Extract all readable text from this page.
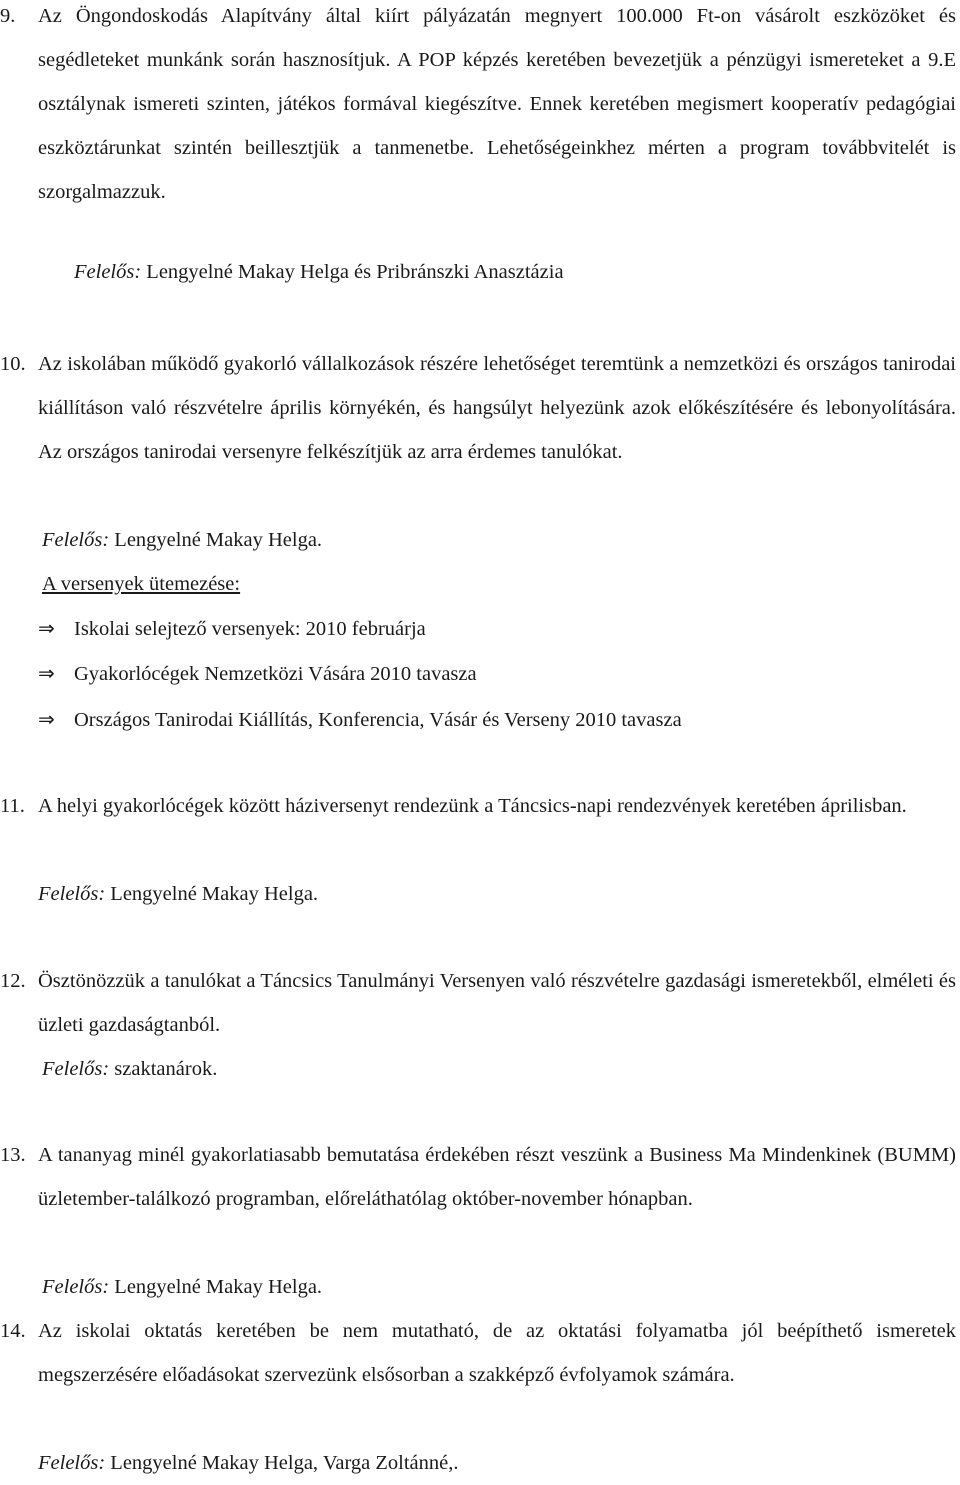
9. Az Öngondoskodás Alapítvány által kiírt pályázatán megnyert 100.000 Ft-on vásárolt eszközöket és segédleteket munkánk során hasznosítjuk. A POP képzés keretében bevezetjük a pénzügyi ismereteket a 9.E osztálynak ismereti szinten, játékos formával kiegészítve. Ennek keretében megismert kooperatív pedagógiai eszköztárunkat szintén beillesztjük a tanmenetbe. Lehetőségeinkhez mérten a program továbbvitelét is szorgalmazzuk.

Felelős: Lengyelné Makay Helga és Pribránszki Anasztázia

10. Az iskolában működő gyakorló vállalkozások részére lehetőséget teremtünk a nemzetközi és országos tanirodai kiállításon való részvételre április környékén, és hangsúlyt helyezünk azok előkészítésére és lebonyolítására. Az országos tanirodai versenyre felkészítjük az arra érdemes tanulókat.

Felelős: Lengyelné Makay Helga.

A versenyek ütemezése:

⇒ Iskolai selejtező versenyek: 2010 februárja

⇒ Gyakorlócégek Nemzetközi Vására 2010 tavasza

⇒ Országos Tanirodai Kiállítás, Konferencia, Vásár és Verseny 2010 tavasza

11. A helyi gyakorlócégek között háziversenyt rendezünk a Táncsics-napi rendezvények keretében áprilisban.

Felelős: Lengyelné Makay Helga.

12. Ösztönözzük a tanulókat a Táncsics Tanulmányi Versenyen való részvételre gazdasági ismeretekből, elméleti és üzleti gazdaságtanból.

Felelős: szaktanárok.

13. A tananyag minél gyakorlatiasabb bemutatása érdekében részt veszünk a Business Ma Mindenkinek (BUMM) üzletember-találkozó programban, előreláthatólag október-november hónapban.

Felelős: Lengyelné Makay Helga.

14. Az iskolai oktatás keretében be nem mutatható, de az oktatási folyamatba jól beépíthető ismeretek megszerzésére előadásokat szervezünk elsősorban a szakképző évfolyamok számára.

Felelős: Lengyelné Makay Helga, Varga Zoltánné,.
